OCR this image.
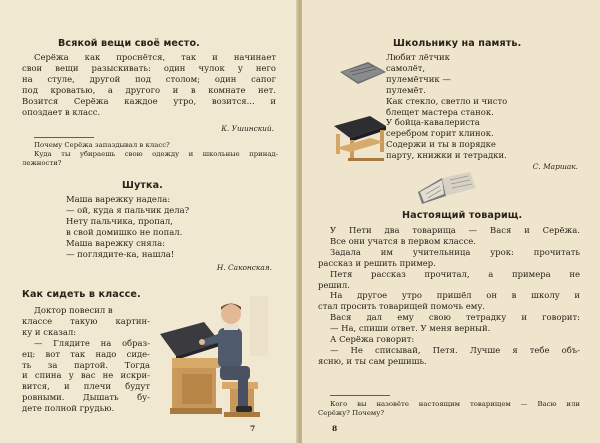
Всякой вещи своё место.

Серёжа как проснётся, так и начинает
свои вещи разыскивать: один чулок у него
на стуле, другой под столом; один сапог
под кроватью, а другого и в комнате нет.
Возится Серёжа каждое утро, возится... и
опоздает в класс.

К. Ушинский.

Почему Серёжа запаздывал в класс?
Куда ты убираешь свою одежду и школьные принад-
лежности?

Шутка.

Маша варежку надела:
— ой, куда я пальчик дела?
Нету пальчика, пропал,
в свой домишко не попал.
Маша варежку сняла:
— поглядите-ка, нашла!

Н. Саконская.
Как сидеть в классе.

Доктор повесил в
классе такую картин-
ку и сказал:
— Глядите на образ-
ец: вот так надо сиде-
ть за партой. Тогда
и спина у вас не искри-
вится, и плечи будут
ровными. Дышать бу-
дете полной грудью.

7
Школьнику на память.

Любит лётчик
самолёт,
пулемётчик —
пулемёт.
Как стекло, светло и чисто
блещет мастера станок.
У бойца-кавалериста
серебром горит клинок.
Содержи и ты в порядке
парту, книжки и тетрадки.

С. Маршак.
Настоящий товарищ.

У Пети два товарища — Вася и Серёжа.
Все они учатся в первом классе.
Задала им учительница урок: прочитать
рассказ и решить пример.
Петя рассказ прочитал, а примера не
решил.
На другое утро пришёл он в школу и
стал просить товарищей помочь ему.
Вася дал ему свою тетрадку и говорит:
— На, спиши ответ. У меня верный.
А Серёжа говорит:
— Не списывай, Петя. Лучше я тебе объ-
ясню, и ты сам решишь.

Кого вы назовёте настоящим товарищем — Васю или
Серёжу? Почему?

8
